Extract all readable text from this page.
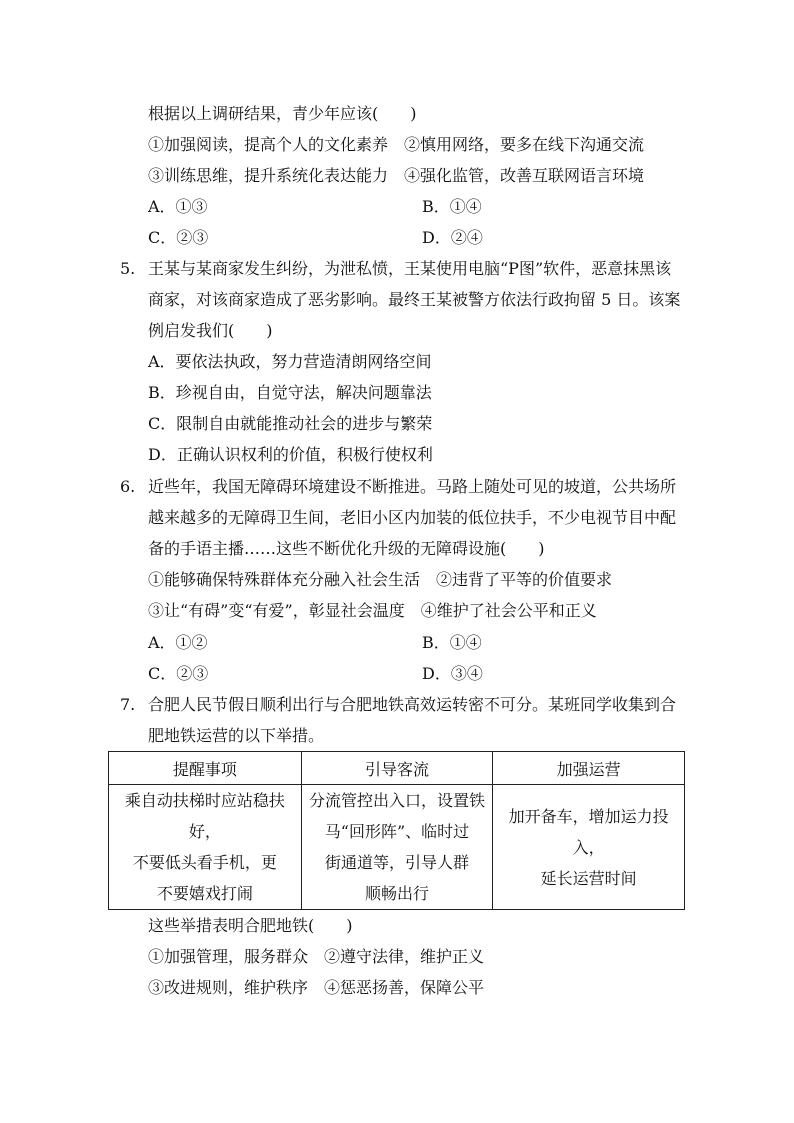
根据以上调研结果，青少年应该(　　)
①加强阅读，提高个人的文化素养　②慎用网络，要多在线下沟通交流
③训练思维，提升系统化表达能力　④强化监管，改善互联网语言环境
A．①③	B．①④
C．②③	D．②④
5. 王某与某商家发生纠纷，为泄私愤，王某使用电脑“P图”软件，恶意抹黑该
商家，对该商家造成了恶劣影响。最终王某被警方依法行政拘留 5 日。该案
例启发我们(　　)
A．要依法执政，努力营造清朗网络空间
B．珍视自由，自觉守法，解决问题靠法
C．限制自由就能推动社会的进步与繁荣
D．正确认识权利的价值，积极行使权利
6. 近些年，我国无障碍环境建设不断推进。马路上随处可见的坡道，公共场所
越来越多的无障碍卫生间，老旧小区内加装的低位扶手，不少电视节目中配
备的手语主播……这些不断优化升级的无障碍设施(　　)
①能够确保特殊群体充分融入社会生活　②违背了平等的价值要求
③让“有碍”变“有爱”，彰显社会温度　④维护了社会公平和正义
A．①②	B．①④
C．②③	D．③④
7. 合肥人民节假日顺利出行与合肥地铁高效运转密不可分。某班同学收集到合
肥地铁运营的以下举措。
提醒事项	引导客流	加强运营
乘自动扶梯时应站稳扶好，
不要低头看手机，更
不要嬉戏打闹	分流管控出入口，设置铁
马“回形阵”、临时过
街通道等，引导人群
顺畅出行	加开备车，增加运力投入，
延长运营时间
这些举措表明合肥地铁(　　)
①加强管理，服务群众　②遵守法律，维护正义
③改进规则，维护秩序　④惩恶扬善，保障公平
